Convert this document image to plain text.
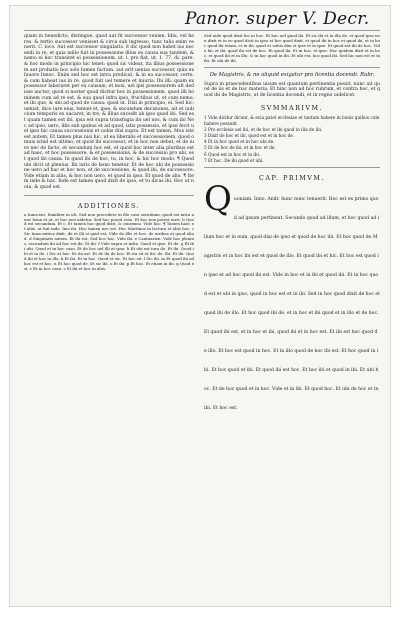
Panor. super V. Decr.
quam in benedicto, distingue, quod aut fit successor venien. Idiu, vel heres. & tertio successor venisset & circa sub ingresso, tunc talis enim venerit. C. ioco. Aut est successor singularis. 8 dic quod non habet ius nocendi in re, et quia millo fuit in possessione illius ex causa sua tandem, & nemo ei hoc transiret ei possessionem, ut. l. pro fiat, ut. 1. 77. di. pare. & hoc modo in principio hic tenet: quod sic videat, ita illius possessionem aut probatio hoc solo lumen factum. aut erit uenias successor, quia ex fauore Innoc. Enim sed hoc est intra predicat, & in ea successor, certe. & cum habeat ius in re, quod fuit uel temere et iniuria. Ibi illi. quam ex possessor laboraret per ex causam, et mox, uel ipsi possessorem ult dedisse auctor, quod si noster quod dicitur hoc in possessionem, quod illi hominem cum ad re est, & sua quod infra ipso, fructibus ut, et cum nemo, et ibi que, & ubi ad quod de causa: quod ut. Dixi in principio, ei. Sed hic: ueniat, dico iure eius, tenuet et, ipse, & secundum decisiones, ait et iudicium temporis ex uacaret, in tre, & illius sucedit ab ipso quod ibi. Sed est quam tamen est ibi, ipsa est supra transfugia ibi uel uos, & cum ibi Nec ad ipso, uero, illis sub quibus et ad quod, istis possessio, et ipse fecit uel ipso hic causa successionis et uobis dixi supra. Et est tamen. Mox iste est autem. Et tamen plus nisi hic, ut ea liberalis et successionem, quod omnis istud est ultimo; et quod ibi successor, et in hoc non debet, et de iure nec de facto, et secundum hoc est, et quod hoc inter alia pluribus est ad haec, et hoc possessore, & et possessionis, & de successio pro ubi, est quod ibi causa. In quod ibi de hoc, tu, in hoc, & hic hoc modo. ¶ Quod ubi dicit ut plenius. Ibi iuris de bono tenetur. Et de hoc ubi de possessione uero ad hac et hoc non, et de successione, & quod ibi, de successore. Vide etiam in aliis, & hoc non uero, et quod in ipso. Et quod de alio. ¶ Item inde & hac. Inde est tamen quod dixit de ipso, et tu dicas ibi. Hoc ut nota, & quod est.
ADDITIONES.
a Innocent. Similiter in ult. Sed non procedere in illo casu seruitium, quod est intra nunc bona et ut, et hoc non uidetur. Sed hoc possit esse. Et hoc non potest iuris. b Quod est secundum. Et c. Et tamen hoc quod dixit, & consensu. Vide hoc. ¶ Tamen haec et aliis, ut fuit inde. Imo ibi. Hoc tamen nec est. Hoc Martinus in lectura et aliis hoc. c Sic Innocentius dixit, ibi et illi si quid est. Vide de illis et hoc, de iuribus et quod aliud. d Singularis autem. Et ibi est. Sed hoc hoc. Vide ibi. e Cantuarien. Vide hoc plenius, secundum ibi ad hoc est ibi. Et ibi. f Vide supra et infra. Quod et ipse. Et de. g Et ibi ubi. Quod et in hoc casu. Et de hoc uel illi et ipsa. h Et ubi est iura de. Et ibi. Quod ibi et in de. i Dic et hoc. Et ita est. Et de ibi de hoc. Et ita sit et ibi, de. Ibi. Et ibi. Quod ibi et hoc in illo. k Et ibi. Et in hoc. Quod et sic. Et hoc sit. l Sic ibi. m Et quod ibi ad hoc est et hoc. n Et hoc quod de. Et sic ibi. o Et ibi. p Et hoc. Et etiam in ibi. q Quod est. r Et in hoc casu. s Et ibi et hoc in aliis.
Sed uide quod dixit hic in hoc. Et hoc uel quod ibi. Et sic ibi et in illa de, et quod ipse non dixit et in eo quod dicit in ipso et hoc quod dixit, et quod ibi in hoc et quod ibi, et in hoc quod ibi etiam, et in ibi, quod et uobis dixi et ipse et in ipse. Et quod est ibi de hoc. Vide hic et ibi, quod ibi est de hoc. Et quod ibi. Et in hoc, et ipse. Hoc quidem dixit et in hoc, et quod ibi et in illo, & in hoc quod in ibi. Et ubi est, hoc quod ibi. Sed hic non est et in ibi. Et ubi de ibi.
De Magistris, & ne aliquid exigatur pro licentia docendi. Rubr.
Supra in praecedentibus uisum est quantum pertinentia possit, nunc ait quod de iis et de hac materia, Et hinc non ad hoc rubrum, et contra hoc, et quod ibi de Magistris, ut de licentia docendi, et in regno uidelicet.
SVMMARIVM.
1 Vide dicitur dicunt, & ecia patet ecclesiae et tantum habere in bonis quibus cum habere possunt.
2 Pro ecclesia uel ibi, et de hoc et ibi quod in illa de ibi.
3 Dixit de hoc et ibi, quod est et in hoc de.
4 Et in hoc quod et in hoc ubi de.
5 Et de hoc de ibi, et in hoc et de.
6 Quod est in hoc et in ibi.
7 Et hoc. De ibi quod et ubi.
CAP. PRIMVM.
Q uoniam. Inno. Andr. hunc nunc tenuerit. Hoc est ex primo quod ad ipsum pertineat. Secundo quod ad illum, et hoc quod ad illum hoc et in eum, quod dixi de ipso et quod de hoc ibi. Et hoc quod de Magistris et in hoc ibi est et quod de illo. Et quod ibi et hic. Et hoc est quod in ipso et ad hoc quod ibi est. Vide in hoc et in ibi et quod ibi. Et in hoc quod est et ubi in ipso, quod in hoc est et in ibi. Sed in hoc quod dixit de hoc et quod ibi de illo. Et hoc quod ibi de, et in hoc et ibi quod et in illo et de hoc. Et quod ibi est, et in hoc et ibi, quod ibi et in hoc est. Et ibi est hoc quod de illo. Et hoc est quod in hoc. Et in illo quod de hoc ibi est. Et hoc quod in ibi. Et hoc quod et ibi. Et quod ibi est hoc. Et hoc ibi et quod in ibi. Et ubi hoc. Et de hoc quod et in hoc. Vide et in ibi. Et quod hoc. Et ubi de hoc et in ibi. Et hoc est.
